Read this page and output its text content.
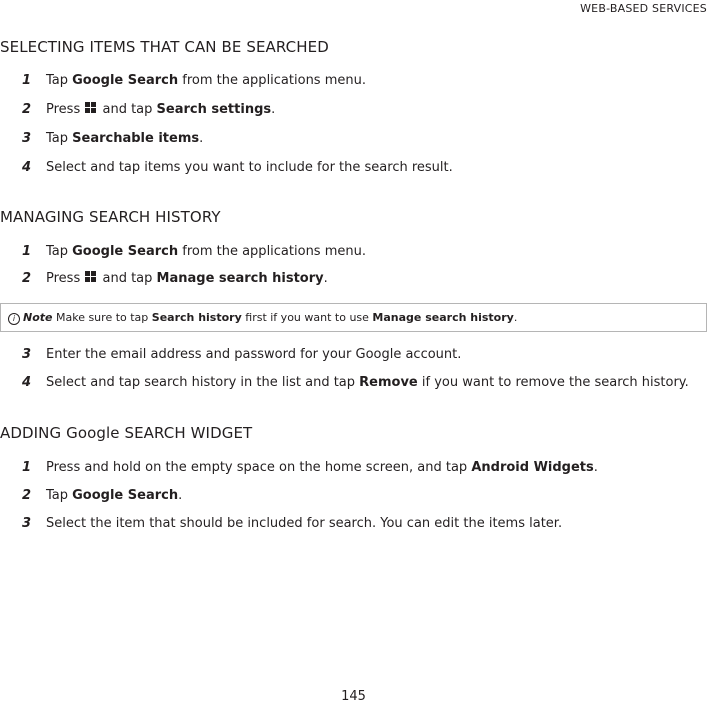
WEB-BASED SERVICES
SELECTING ITEMS THAT CAN BE SEARCHED
1 Tap Google Search from the applications menu.
2 Press
and tap Search settings.
3 Tap Searchable items.
4 Select and tap items you want to include for the search result.
MANAGING SEARCH HISTORY
1 Tap Google Search from the applications menu.
2 Press
and tap Manage search history.
i Note Make sure to tap Search history first if you want to use Manage search history.
3 Enter the email address and password for your Google account.
4 Select and tap search history in the list and tap Remove if you want to remove the search history.
ADDING Google SEARCH WIDGET
1 Press and hold on the empty space on the home screen, and tap Android Widgets.
2 Tap Google Search.
3 Select the item that should be included for search. You can edit the items later.
145
